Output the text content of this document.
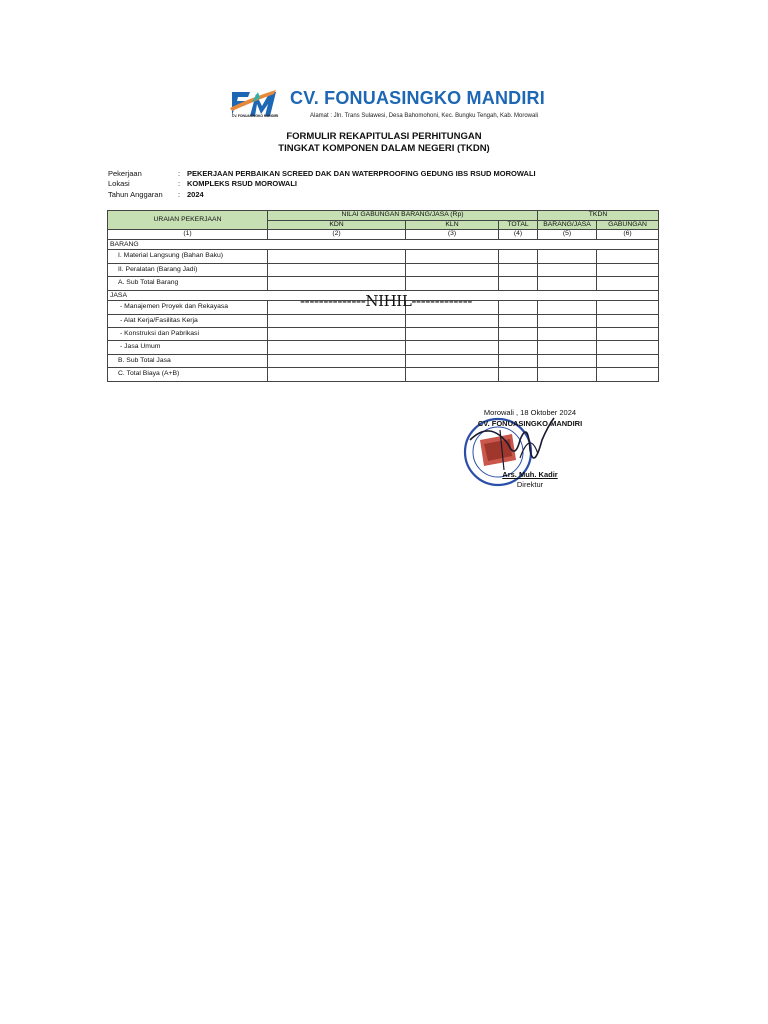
CV. FONUASINGKO MANDIRI
CV. FONUASINGKO MANDIRI
Alamat : Jln. Trans Sulawesi, Desa Bahomohoni, Kec. Bungku Tengah, Kab. Morowali
FORMULIR REKAPITULASI PERHITUNGAN
TINGKAT KOMPONEN DALAM NEGERI (TKDN)
Pekerjaan	: PEKERJAAN PERBAIKAN SCREED DAK DAN WATERPROOFING GEDUNG IBS RSUD MOROWALI
Lokasi	: KOMPLEKS RSUD MOROWALI
Tahun Anggaran	: 2024
URAIAN PEKERJAAN	NILAI GABUNGAN BARANG/JASA (Rp)			TKDN	
	KDN	KLN	TOTAL	BARANG/JASA	GABUNGAN
(1)	(2)	(3)	(4)	(5)	(6)
BARANG					
I. Material Langsung (Bahan Baku)					
II. Peralatan (Barang Jadi)					
A. Sub Total Barang					
JASA					
- Manajemen Proyek dan Rekayasa					
- Alat Kerja/Fasilitas Kerja					
- Konstruksi dan Pabrikasi					
- Jasa Umum					
B. Sub Total Jasa					
C. Total Biaya (A+B)					
--------------NIHIL-------------
Morowali , 18 Oktober 2024
CV. FONUASINGKO MANDIRI
Ars. Muh. Kadir
Direktur
